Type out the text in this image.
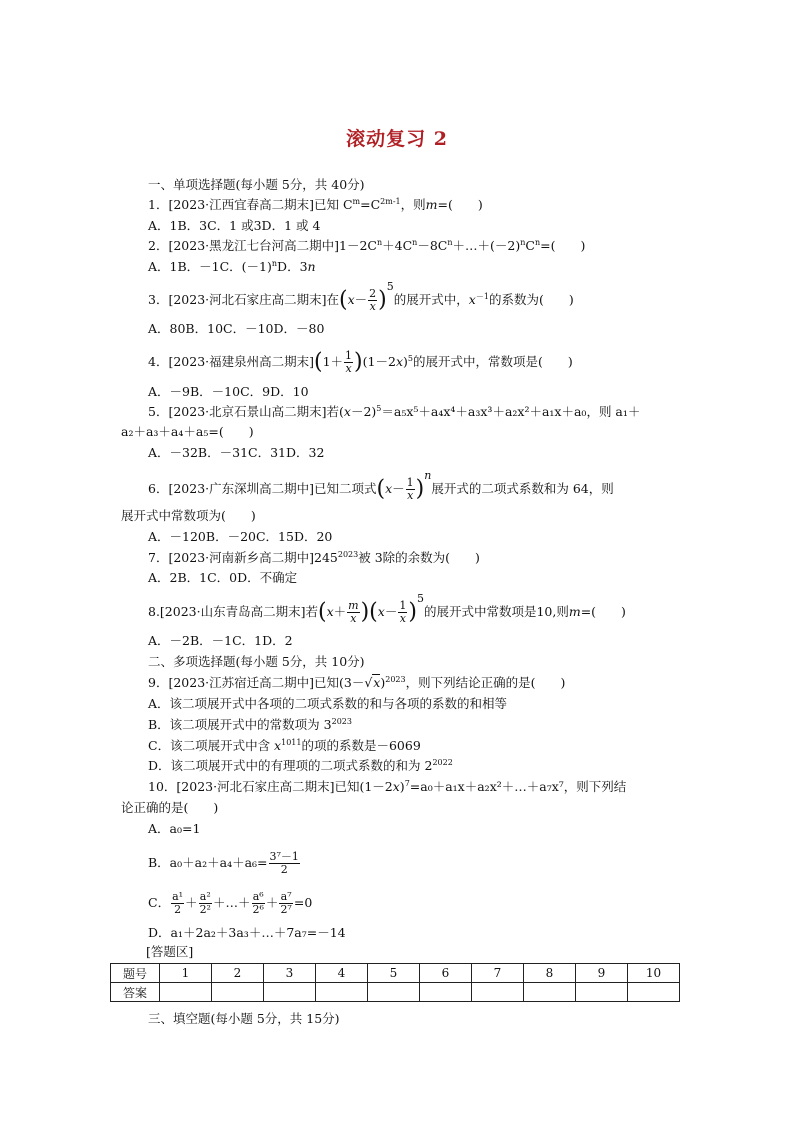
滚动复习 2
一、单项选择题(每小题 5分，共 40分)
1．[2023·江西宜春高二期末]已知 $C^m=C^{2m-1}$，则m=(　　)
A．1B．3C．1 或3D．1 或 4
2．[2023·黑龙江七台河高二期中]$1-2C^n+4C^n-8C^n+\dots+(-2)^nC^n=$(　　)
A．1B．－1C．$(-1)^nD$．3n
3．[2023·河北石家庄高二期末]在$(x- \frac{2}{x} )5$的展开式中，$x^{-1}$的系数为(　　)
A．80B．10C．－10D．－80
4．[2023·福建泉州高二期末]$(1+ \frac{1}{x} )(1-2x)^5$的展开式中，常数项是(　　)
A．－9B．－10C．9D．10
5．[2023·北京石景山高二期末]若$(x-2)^5=a_5x^5+a_4x^4+a_3x^3+a_2x^2+a_1x+a_0$，则 a₁＋
a₂＋a₃＋a₄＋a₅=(　　)
A．－32B．－31C．31D．32
6．[2023·广东深圳高二期中]已知二项式$(x- \frac{1}{x} )n$展开式的二项式系数和为 64，则
展开式中常数项为(　　)
A．－120B．－20C．15D．20
7．[2023·河南新乡高二期中]$245^{2023}$被 3除的余数为(　　)
A．2B．1C．0D．不确定
8.[2023·山东青岛高二期末]若$(x+ \frac{m}{x} )(x- \frac{1}{x} )5$的展开式中常数项是10,则m=(　　)
A．－2B．－1C．1D．2
二、多项选择题(每小题 5分，共 10分)
9．[2023·江苏宿迁高二期中]已知$(3-√x)^{2023}$，则下列结论正确的是(　　)
A．该二项展开式中各项的二项式系数的和与各项的系数的和相等
B．该二项展开式中的常数项为 $3^{2023}$
C．该二项展开式中含 $x^{1011}$的项的系数是－6069
D．该二项展开式中的有理项的二项式系数的和为 $2^{2022}$
10．[2023·河北石家庄高二期末]已知$(1-2x)^7=a_0+a_1x+a_2x^2+\dots+a_7x^7$，则下列结
论正确的是(　　)
A．a₀=1
B．$a_0+a_2+a_4+a_6= \frac{\text{3⁷－1}}{2}$
C． $\frac{\text{a¹}}{2} + \frac{\text{a²}}{\text{2²}}$ ＋…＋ $\frac{\text{a⁶}}{\text{2⁶}} + \frac{\text{a⁷}}{\text{2⁷}} =0$
D．a₁＋2a₂＋3a₃＋…＋7a₇=－14
[答题区]
题号	1	2	3	4	5	6	7	8	9	10
答案										
三、填空题(每小题 5分，共 15分)
